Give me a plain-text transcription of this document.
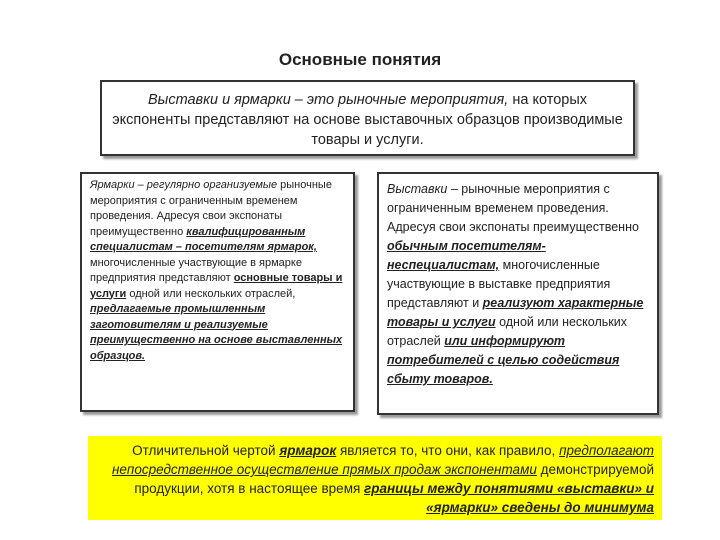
Основные понятия
Выставки и ярмарки – это рыночные мероприятия, на которых экспоненты представляют на основе выставочных образцов производимые товары и услуги.
Ярмарки – регулярно организуемые рыночные мероприятия с ограниченным временем проведения. Адресуя свои экспонаты преимущественно квалифицированным специалистам – посетителям ярмарок, многочисленные участвующие в ярмарке предприятия представляют основные товары и услуги одной или нескольких отраслей, предлагаемые промышленным заготовителям и реализуемые преимущественно на основе выставленных образцов.
Выставки – рыночные мероприятия с ограниченным временем проведения. Адресуя свои экспонаты преимущественно обычным посетителям-неспециалистам, многочисленные участвующие в выставке предприятия представляют и реализуют характерные товары и услуги одной или нескольких отраслей или информируют потребителей с целью содействия сбыту товаров.
Отличительной чертой ярмарок является то, что они, как правило, предполагают непосредственное осуществление прямых продаж экспонентами демонстрируемой продукции, хотя в настоящее время границы между понятиями «выставки» и «ярмарки» сведены до минимума
